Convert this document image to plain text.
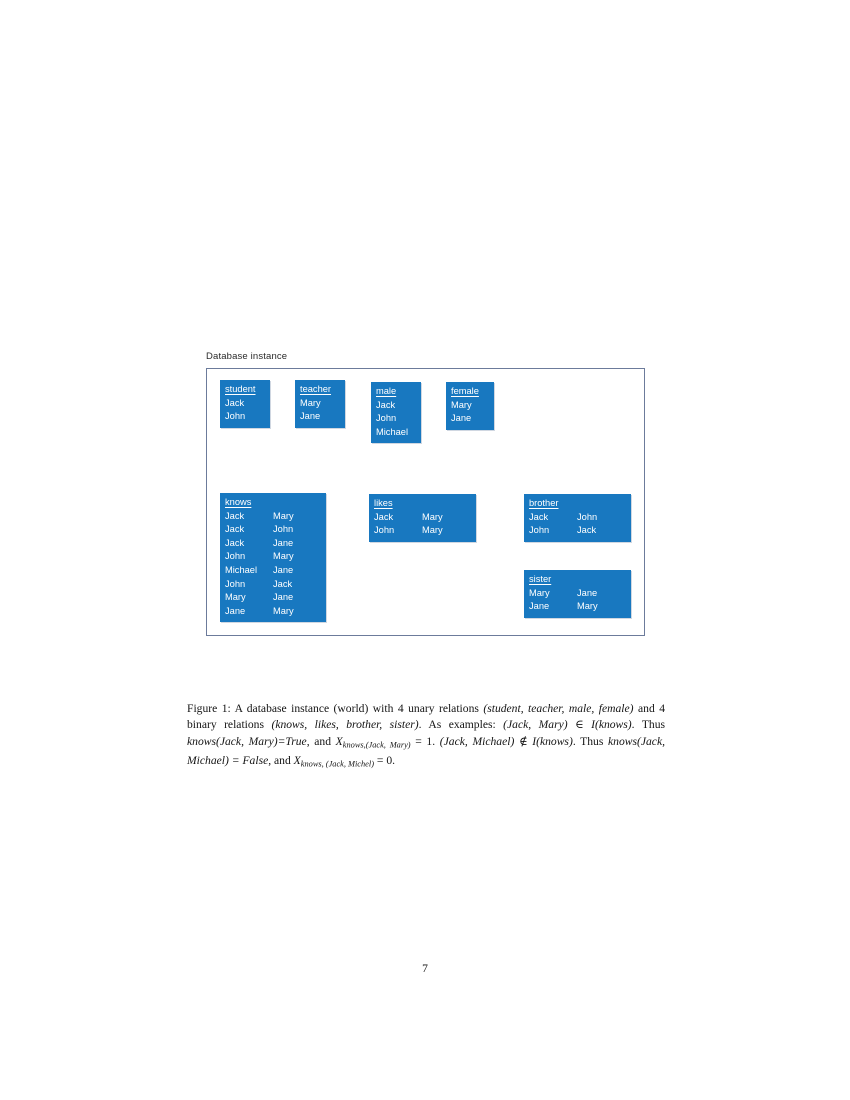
Database instance
student
Jack
John
teacher
Mary
Jane
male
Jack
John
Michael
female
Mary
Jane
knows
Jack	Mary
Jack	John
Jack	Jane
John	Mary
Michael Jane
John	Jack
Mary	Jane
Jane	Mary
likes
Jack	Mary
John	Mary
brother
Jack	John
John	Jack
sister
Mary	Jane
Jane	Mary
Figure 1: A database instance (world) with 4 unary relations (student, teacher, male, female) and 4 binary relations (knows, likes, brother, sister). As examples: (Jack, Mary) ∈ I(knows). Thus knows(Jack, Mary)=True, and $X_{knows,(Jack, Mary)} = 1$. (Jack, Michael) ∉ I(knows). Thus knows(Jack, Michael) = False, and $X_{knows, (Jack, Michel)} = 0$.
7
